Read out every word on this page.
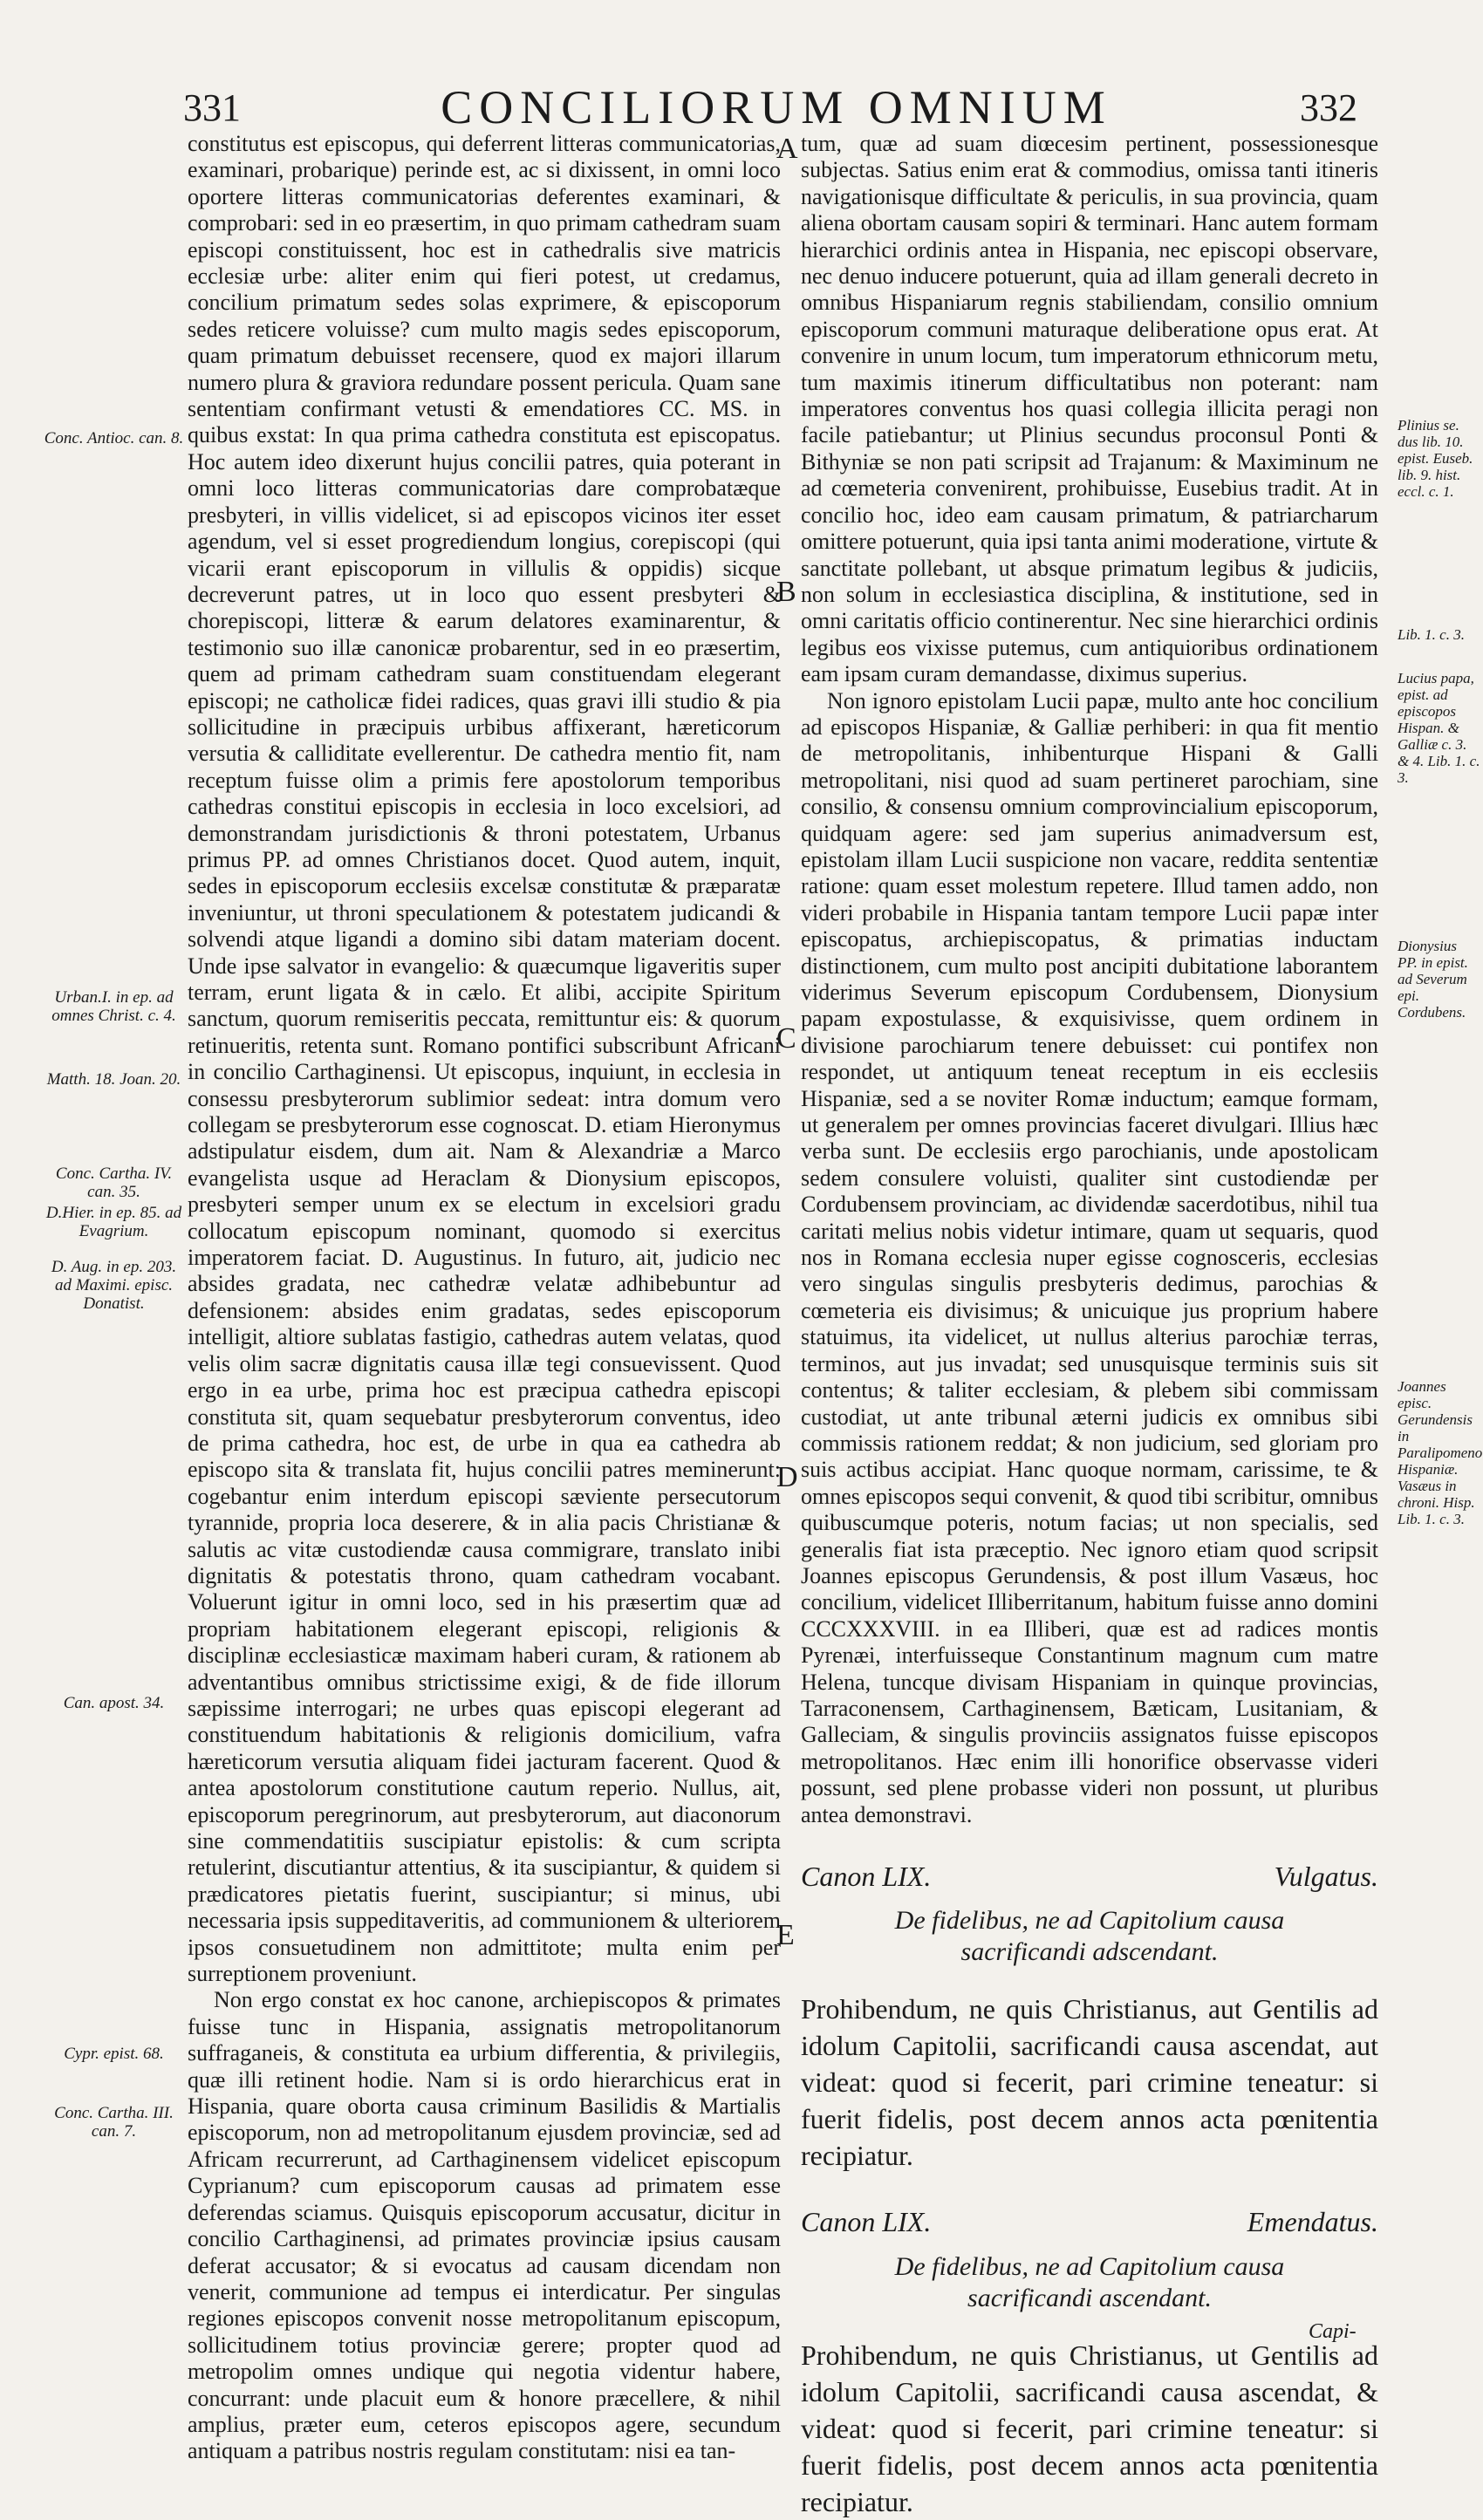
331	CONCILIORUM OMNIUM	332
Conc. Antioc. can. 8.
Urban.I. in ep. ad omnes Christ. c. 4.
Matth. 18. Joan. 20.
Conc. Cartha. IV. can. 35.
D.Hier. in ep. 85. ad Evagrium.
D. Aug. in ep. 203. ad Maximi. episc. Donatist.
Can. apost. 34.
Cypr. epist. 68.
Conc. Cartha. III. can. 7.
A
B
C
D
E

constitutus est episcopus, qui deferrent litteras communicatorias, examinari, probarique) perinde est, ac si dixissent, in omni loco oportere litteras communicatorias deferentes examinari, & comprobari: sed in eo præsertim, in quo primam cathedram suam episcopi constituissent, hoc est in cathedralis sive matricis ecclesiæ urbe: aliter enim qui fieri potest, ut credamus, concilium primatum sedes solas exprimere, & episcoporum sedes reticere voluisse? cum multo magis sedes episcoporum, quam primatum debuisset recensere, quod ex majori illarum numero plura & graviora redundare possent pericula. Quam sane sententiam confirmant vetusti & emendatiores CC. MS. in quibus exstat: In qua prima cathedra constituta est episcopatus. Hoc autem ideo dixerunt hujus concilii patres, quia poterant in omni loco litteras communicatorias dare comprobatæque presbyteri, in villis videlicet, si ad episcopos vicinos iter esset agendum, vel si esset progrediendum longius, corepiscopi (qui vicarii erant episcoporum in villulis & oppidis) sicque decreverunt patres, ut in loco quo essent presbyteri & chorepiscopi, litteræ & earum delatores examinarentur, & testimonio suo illæ canonicæ probarentur, sed in eo præsertim, quem ad primam cathedram suam constituendam elegerant episcopi; ne catholicæ fidei radices, quas gravi illi studio & pia sollicitudine in præcipuis urbibus affixerant, hæreticorum versutia & calliditate evellerentur. De cathedra mentio fit, nam receptum fuisse olim a primis fere apostolorum temporibus cathedras constitui episcopis in ecclesia in loco excelsiori, ad demonstrandam jurisdictionis & throni potestatem, Urbanus primus PP. ad omnes Christianos docet. Quod autem, inquit, sedes in episcoporum ecclesiis excelsæ constitutæ & præparatæ inveniuntur, ut throni speculationem & potestatem judicandi & solvendi atque ligandi a domino sibi datam materiam docent. Unde ipse salvator in evangelio: & quæcumque ligaveritis super terram, erunt ligata & in cælo. Et alibi, accipite Spiritum sanctum, quorum remiseritis peccata, remittuntur eis: & quorum retinueritis, retenta sunt. Romano pontifici subscribunt Africani in concilio Carthaginensi. Ut episcopus, inquiunt, in ecclesia in consessu presbyterorum sublimior sedeat: intra domum vero collegam se presbyterorum esse cognoscat. D. etiam Hieronymus adstipulatur eisdem, dum ait. Nam & Alexandriæ a Marco evangelista usque ad Heraclam & Dionysium episcopos, presbyteri semper unum ex se electum in excelsiori gradu collocatum episcopum nominant, quomodo si exercitus imperatorem faciat. D. Augustinus. In futuro, ait, judicio nec absides gradata, nec cathedræ velatæ adhibebuntur ad defensionem: absides enim gradatas, sedes episcoporum intelligit, altiore sublatas fastigio, cathedras autem velatas, quod velis olim sacræ dignitatis causa illæ tegi consuevissent. Quod ergo in ea urbe, prima hoc est præcipua cathedra episcopi constituta sit, quam sequebatur presbyterorum conventus, ideo de prima cathedra, hoc est, de urbe in qua ea cathedra ab episcopo sita & translata fit, hujus concilii patres meminerunt: cogebantur enim interdum episcopi sæviente persecutorum tyrannide, propria loca deserere, & in alia pacis Christianæ & salutis ac vitæ custodiendæ causa commigrare, translato inibi dignitatis & potestatis throno, quam cathedram vocabant. Voluerunt igitur in omni loco, sed in his præsertim quæ ad propriam habitationem elegerant episcopi, religionis & disciplinæ ecclesiasticæ maximam haberi curam, & rationem ab adventantibus omnibus strictissime exigi, & de fide illorum sæpissime interrogari; ne urbes quas episcopi elegerant ad constituendum habitationis & religionis domicilium, vafra hæreticorum versutia aliquam fidei jacturam facerent. Quod & antea apostolorum constitutione cautum reperio. Nullus, ait, episcoporum peregrinorum, aut presbyterorum, aut diaconorum sine commendatitiis suscipiatur epistolis: & cum scripta retulerint, discutiantur attentius, & ita suscipiantur, & quidem si prædicatores pietatis fuerint, suscipiantur; si minus, ubi necessaria ipsis suppeditaveritis, ad communionem & ulteriorem ipsos consuetudinem non admittitote; multa enim per surreptionem proveniunt.

Non ergo constat ex hoc canone, archiepiscopos & primates fuisse tunc in Hispania, assignatis metropolitanorum suffraganeis, & constituta ea urbium differentia, & privilegiis, quæ illi retinent hodie. Nam si is ordo hierarchicus erat in Hispania, quare oborta causa criminum Basilidis & Martialis episcoporum, non ad metropolitanum ejusdem provinciæ, sed ad Africam recurrerunt, ad Carthaginensem videlicet episcopum Cyprianum? cum episcoporum causas ad primatem esse deferendas sciamus. Quisquis episcoporum accusatur, dicitur in concilio Carthaginensi, ad primates provinciæ ipsius causam deferat accusator; & si evocatus ad causam dicendam non venerit, communione ad tempus ei interdicatur. Per singulas regiones episcopos convenit nosse metropolitanum episcopum, sollicitudinem totius provinciæ gerere; propter quod ad metropolim omnes undique qui negotia videntur habere, concurrant: unde placuit eum & honore præcellere, & nihil amplius, præter eum, ceteros episcopos agere, secundum antiquam a patribus nostris regulam constitutam: nisi ea tan-

tum, quæ ad suam diœcesim pertinent, possessionesque subjectas. Satius enim erat & commodius, omissa tanti itineris navigationisque difficultate & periculis, in sua provincia, quam aliena obortam causam sopiri & terminari. Hanc autem formam hierarchici ordinis antea in Hispania, nec episcopi observare, nec denuo inducere potuerunt, quia ad illam generali decreto in omnibus Hispaniarum regnis stabiliendam, consilio omnium episcoporum communi maturaque deliberatione opus erat. At convenire in unum locum, tum imperatorum ethnicorum metu, tum maximis itinerum difficultatibus non poterant: nam imperatores conventus hos quasi collegia illicita peragi non facile patiebantur; ut Plinius secundus proconsul Ponti & Bithyniæ se non pati scripsit ad Trajanum: & Maximinum ne ad cœmeteria convenirent, prohibuisse, Eusebius tradit. At in concilio hoc, ideo eam causam primatum, & patriarcharum omittere potuerunt, quia ipsi tanta animi moderatione, virtute & sanctitate pollebant, ut absque primatum legibus & judiciis, non solum in ecclesiastica disciplina, & institutione, sed in omni caritatis officio continerentur. Nec sine hierarchici ordinis legibus eos vixisse putemus, cum antiquioribus ordinationem eam ipsam curam demandasse, diximus superius.

Non ignoro epistolam Lucii papæ, multo ante hoc concilium ad episcopos Hispaniæ, & Galliæ perhiberi: in qua fit mentio de metropolitanis, inhibenturque Hispani & Galli metropolitani, nisi quod ad suam pertineret parochiam, sine consilio, & consensu omnium comprovincialium episcoporum, quidquam agere: sed jam superius animadversum est, epistolam illam Lucii suspicione non vacare, reddita sententiæ ratione: quam esset molestum repetere. Illud tamen addo, non videri probabile in Hispania tantam tempore Lucii papæ inter episcopatus, archiepiscopatus, & primatias inductam distinctionem, cum multo post ancipiti dubitatione laborantem viderimus Severum episcopum Cordubensem, Dionysium papam expostulasse, & exquisivisse, quem ordinem in divisione parochiarum tenere debuisset: cui pontifex non respondet, ut antiquum teneat receptum in eis ecclesiis Hispaniæ, sed a se noviter Romæ inductum; eamque formam, ut generalem per omnes provincias faceret divulgari. Illius hæc verba sunt. De ecclesiis ergo parochianis, unde apostolicam sedem consulere voluisti, qualiter sint custodiendæ per Cordubensem provinciam, ac dividendæ sacerdotibus, nihil tua caritati melius nobis videtur intimare, quam ut sequaris, quod nos in Romana ecclesia nuper egisse cognosceris, ecclesias vero singulas singulis presbyteris dedimus, parochias & cœmeteria eis divisimus; & unicuique jus proprium habere statuimus, ita videlicet, ut nullus alterius parochiæ terras, terminos, aut jus invadat; sed unusquisque terminis suis sit contentus; & taliter ecclesiam, & plebem sibi commissam custodiat, ut ante tribunal æterni judicis ex omnibus sibi commissis rationem reddat; & non judicium, sed gloriam pro suis actibus accipiat. Hanc quoque normam, carissime, te & omnes episcopos sequi convenit, & quod tibi scribitur, omnibus quibuscumque poteris, notum facias; ut non specialis, sed generalis fiat ista præceptio. Nec ignoro etiam quod scripsit Joannes episcopus Gerundensis, & post illum Vasæus, hoc concilium, videlicet Illiberritanum, habitum fuisse anno domini CCCXXXVIII. in ea Illiberi, quæ est ad radices montis Pyrenæi, interfuisseque Constantinum magnum cum matre Helena, tuncque divisam Hispaniam in quinque provincias, Tarraconensem, Carthaginensem, Bæticam, Lusitaniam, & Galleciam, & singulis provinciis assignatos fuisse episcopos metropolitanos. Hæc enim illi honorifice observasse videri possunt, sed plene probasse videri non possunt, ut pluribus antea demonstravi.

Canon LIX.	Vulgatus.
De fidelibus, ne ad Capitolium causa sacrificandi adscendant.
Prohibendum, ne quis Christianus, aut Gentilis ad idolum Capitolii, sacrificandi causa ascendat, aut videat: quod si fecerit, pari crimine teneatur: si fuerit fidelis, post decem annos acta pœnitentia recipiatur.
Canon LIX.	Emendatus.
De fidelibus, ne ad Capitolium causa sacrificandi ascendant.
Prohibendum, ne quis Christianus, ut Gentilis ad idolum Capitolii, sacrificandi causa ascendat, & videat: quod si fecerit, pari crimine teneatur: si fuerit fidelis, post decem annos acta pœnitentia recipiatur.
Plinius se. dus lib. 10. epist. Euseb. lib. 9. hist. eccl. c. 1.
Lib. 1. c. 3.
Lucius papa, epist. ad episcopos Hispan. & Galliæ c. 3. & 4. Lib. 1. c. 3.
Dionysius PP. in epist. ad Severum epi. Cordubens.
Joannes episc. Gerundensis in Paralipomeno Hispaniæ. Vasæus in chroni. Hisp. Lib. 1. c. 3.
Capi-
